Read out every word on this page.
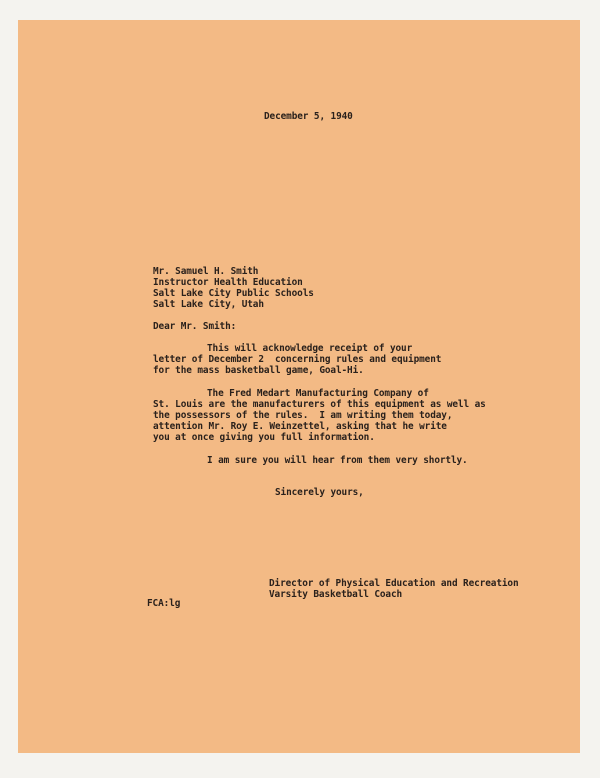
December 5, 1940

Mr. Samuel H. Smith

Instructor Health Education

Salt Lake City Public Schools

Salt Lake City, Utah

Dear Mr. Smith:

This will acknowledge receipt of your

letter of December 2  concerning rules and equipment

for the mass basketball game, Goal-Hi.

The Fred Medart Manufacturing Company of

St. Louis are the manufacturers of this equipment as well as

the possessors of the rules.  I am writing them today,

attention Mr. Roy E. Weinzettel, asking that he write

you at once giving you full information.

I am sure you will hear from them very shortly.

Sincerely yours,

Director of Physical Education and Recreation

Varsity Basketball Coach

FCA:lg
